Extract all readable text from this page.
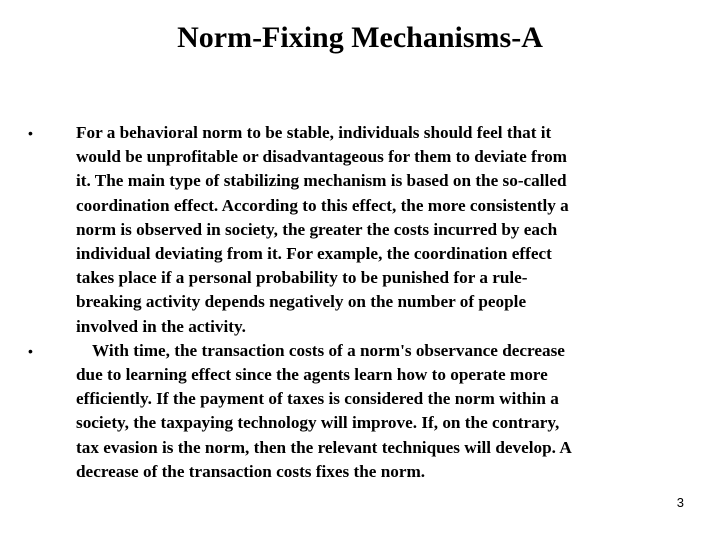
Norm-Fixing Mechanisms-A
•	For a behavioral norm to be stable, individuals should feel that it
would be unprofitable or disadvantageous for them to deviate from
it. The main type of stabilizing mechanism is based on the so-called
coordination effect. According to this effect, the more consistently a
norm is observed in society, the greater the costs incurred by each
individual deviating from it. For example, the coordination effect
takes place if a personal probability to be punished for a rule-
breaking activity depends negatively on the number of people
involved in the activity.
•	With time, the transaction costs of a norm's observance decrease
due to learning effect since the agents learn how to operate more
efficiently. If the payment of taxes is considered the norm within a
society, the taxpaying technology will improve. If, on the contrary,
tax evasion is the norm, then the relevant techniques will develop. A
decrease of the transaction costs fixes the norm.
3
